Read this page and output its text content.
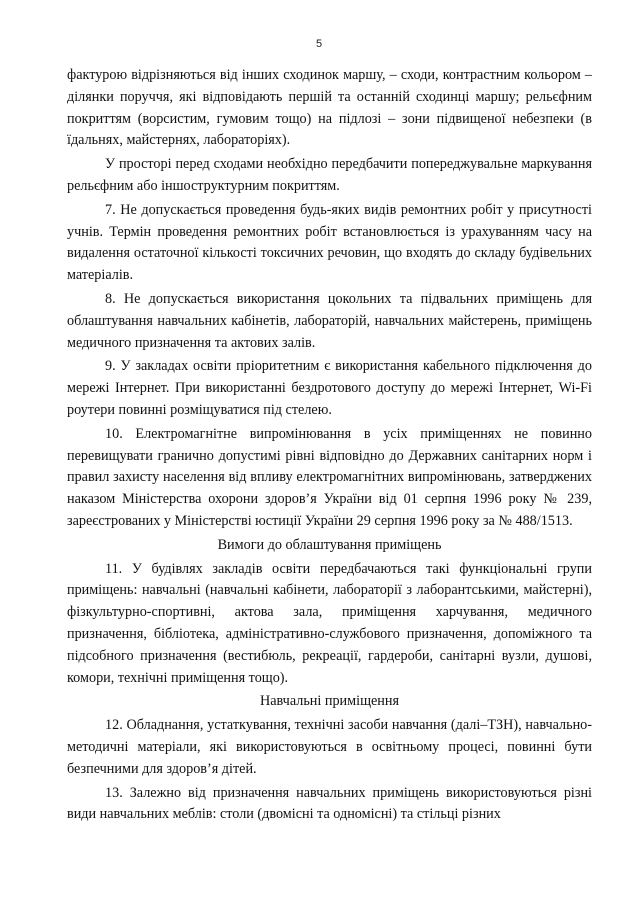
5

фактурою відрізняються від інших сходинок маршу, – сходи, контрастним кольором – ділянки поруччя, які відповідають першій та останній сходинці маршу; рельєфним покриттям (ворсистим, гумовим тощо) на підлозі – зони підвищеної небезпеки (в їдальнях, майстернях, лабораторіях).

У просторі перед сходами необхідно передбачити попереджувальне маркування рельєфним або іншоструктурним покриттям.

7. Не допускається проведення будь-яких видів ремонтних робіт у присутності учнів. Термін проведення ремонтних робіт встановлюється із урахуванням часу на видалення остаточної кількості токсичних речовин, що входять до складу будівельних матеріалів.

8. Не допускається використання цокольних та підвальних приміщень для облаштування навчальних кабінетів, лабораторій, навчальних майстерень, приміщень медичного призначення та актових залів.

9. У закладах освіти пріоритетним є використання кабельного підключення до мережі Інтернет. При використанні бездротового доступу до мережі Інтернет, Wi-Fi роутери повинні розміщуватися під стелею.

10. Електромагнітне випромінювання в усіх приміщеннях не повинно перевищувати гранично допустимі рівні відповідно до Державних санітарних норм і правил захисту населення від впливу електромагнітних випромінювань, затверджених наказом Міністерства охорони здоров’я України від 01 серпня 1996 року № 239, зареєстрованих у Міністерстві юстиції України 29 серпня 1996 року за № 488/1513.

Вимоги до облаштування приміщень

11. У будівлях закладів освіти передбачаються такі функціональні групи приміщень: навчальні (навчальні кабінети, лабораторії з лаборантськими, майстерні), фізкультурно-спортивні, актова зала, приміщення харчування, медичного призначення, бібліотека, адміністративно-службового призначення, допоміжного та підсобного призначення (вестибюль, рекреації, гардероби, санітарні вузли, душові, комори, технічні приміщення тощо).

Навчальні приміщення

12. Обладнання, устаткування, технічні засоби навчання (далі–ТЗН), навчально-методичні матеріали, які використовуються в освітньому процесі, повинні бути безпечними для здоров’я дітей.

13. Залежно від призначення навчальних приміщень використовуються різні види навчальних меблів: столи (двомісні та одномісні) та стільці різних
